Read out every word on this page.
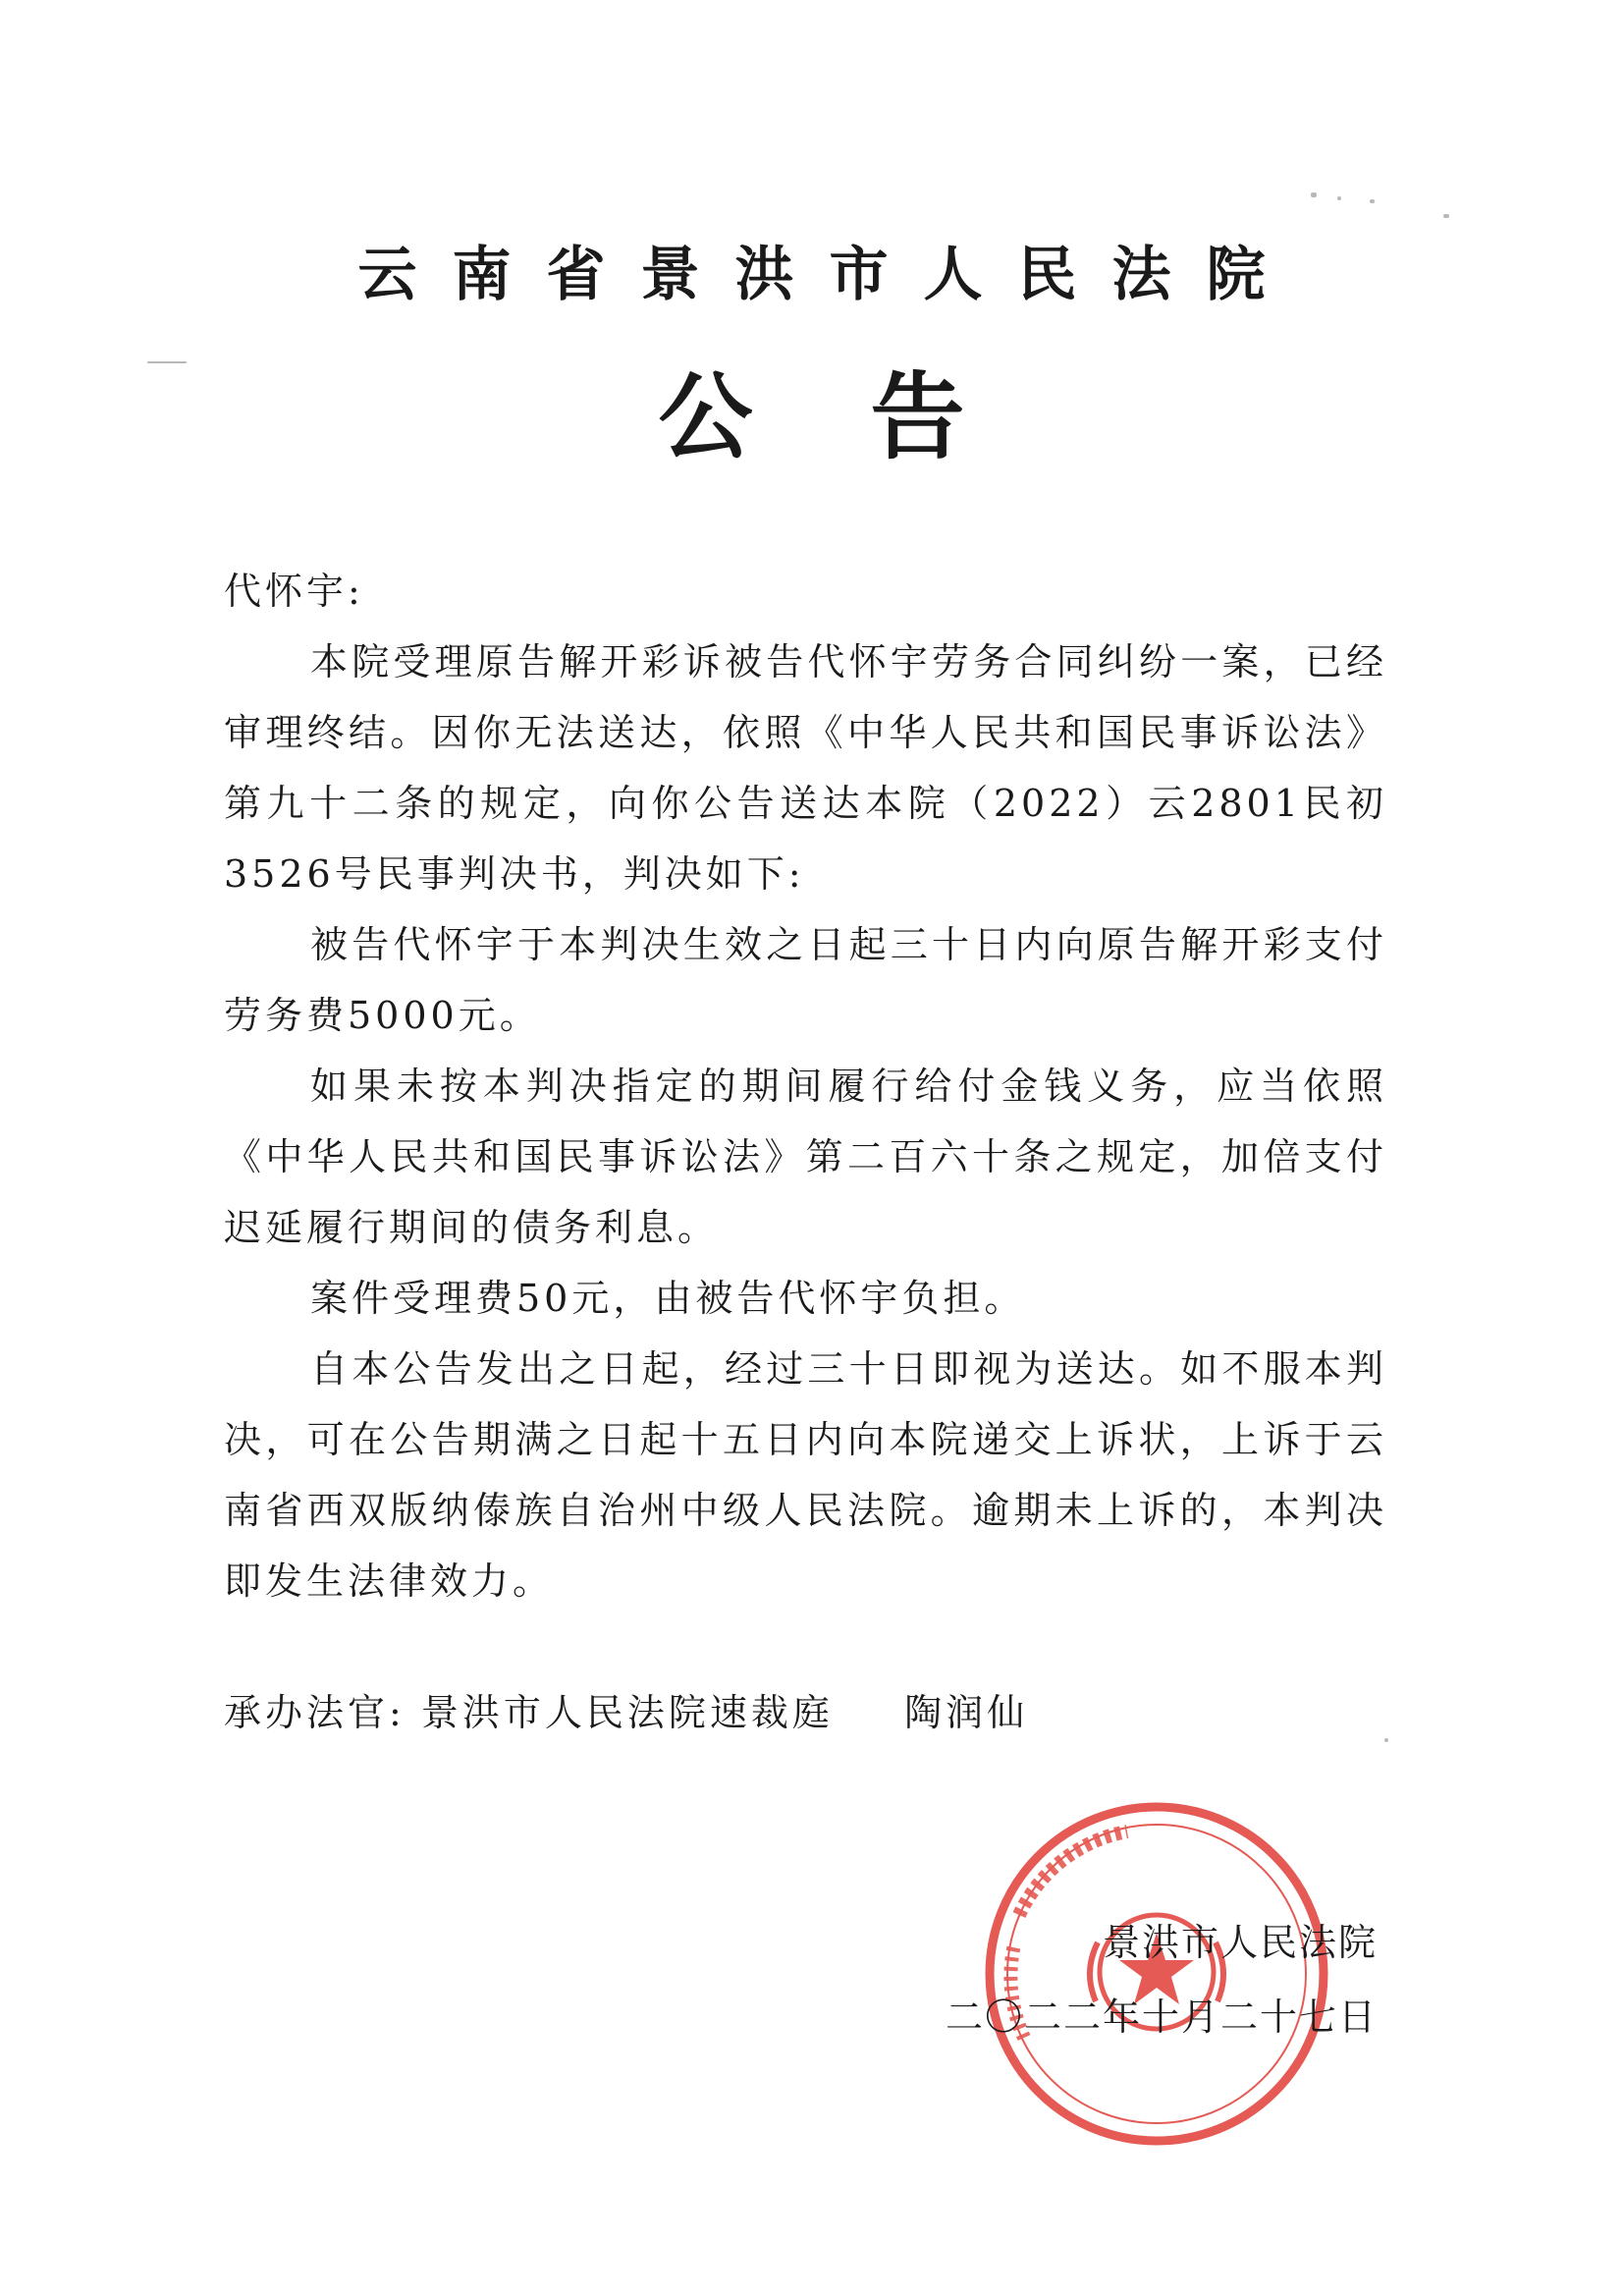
云南省景洪市人民法院
公告

代怀宇:

本院受理原告解开彩诉被告代怀宇劳务合同纠纷一案，已经审理终结。因你无法送达，依照《中华人民共和国民事诉讼法》第九十二条的规定，向你公告送达本院（2022）云2801民初3526号民事判决书，判决如下:

被告代怀宇于本判决生效之日起三十日内向原告解开彩支付劳务费5000元。

如果未按本判决指定的期间履行给付金钱义务，应当依照《中华人民共和国民事诉讼法》第二百六十条之规定，加倍支付迟延履行期间的债务利息。

案件受理费50元，由被告代怀宇负担。

自本公告发出之日起，经过三十日即视为送达。如不服本判决，可在公告期满之日起十五日内向本院递交上诉状，上诉于云南省西双版纳傣族自治州中级人民法院。逾期未上诉的，本判决即发生法律效力。

承办法官: 景洪市人民法院速裁庭 陶润仙
景洪市人民法院
二〇二二年十月二十七日
